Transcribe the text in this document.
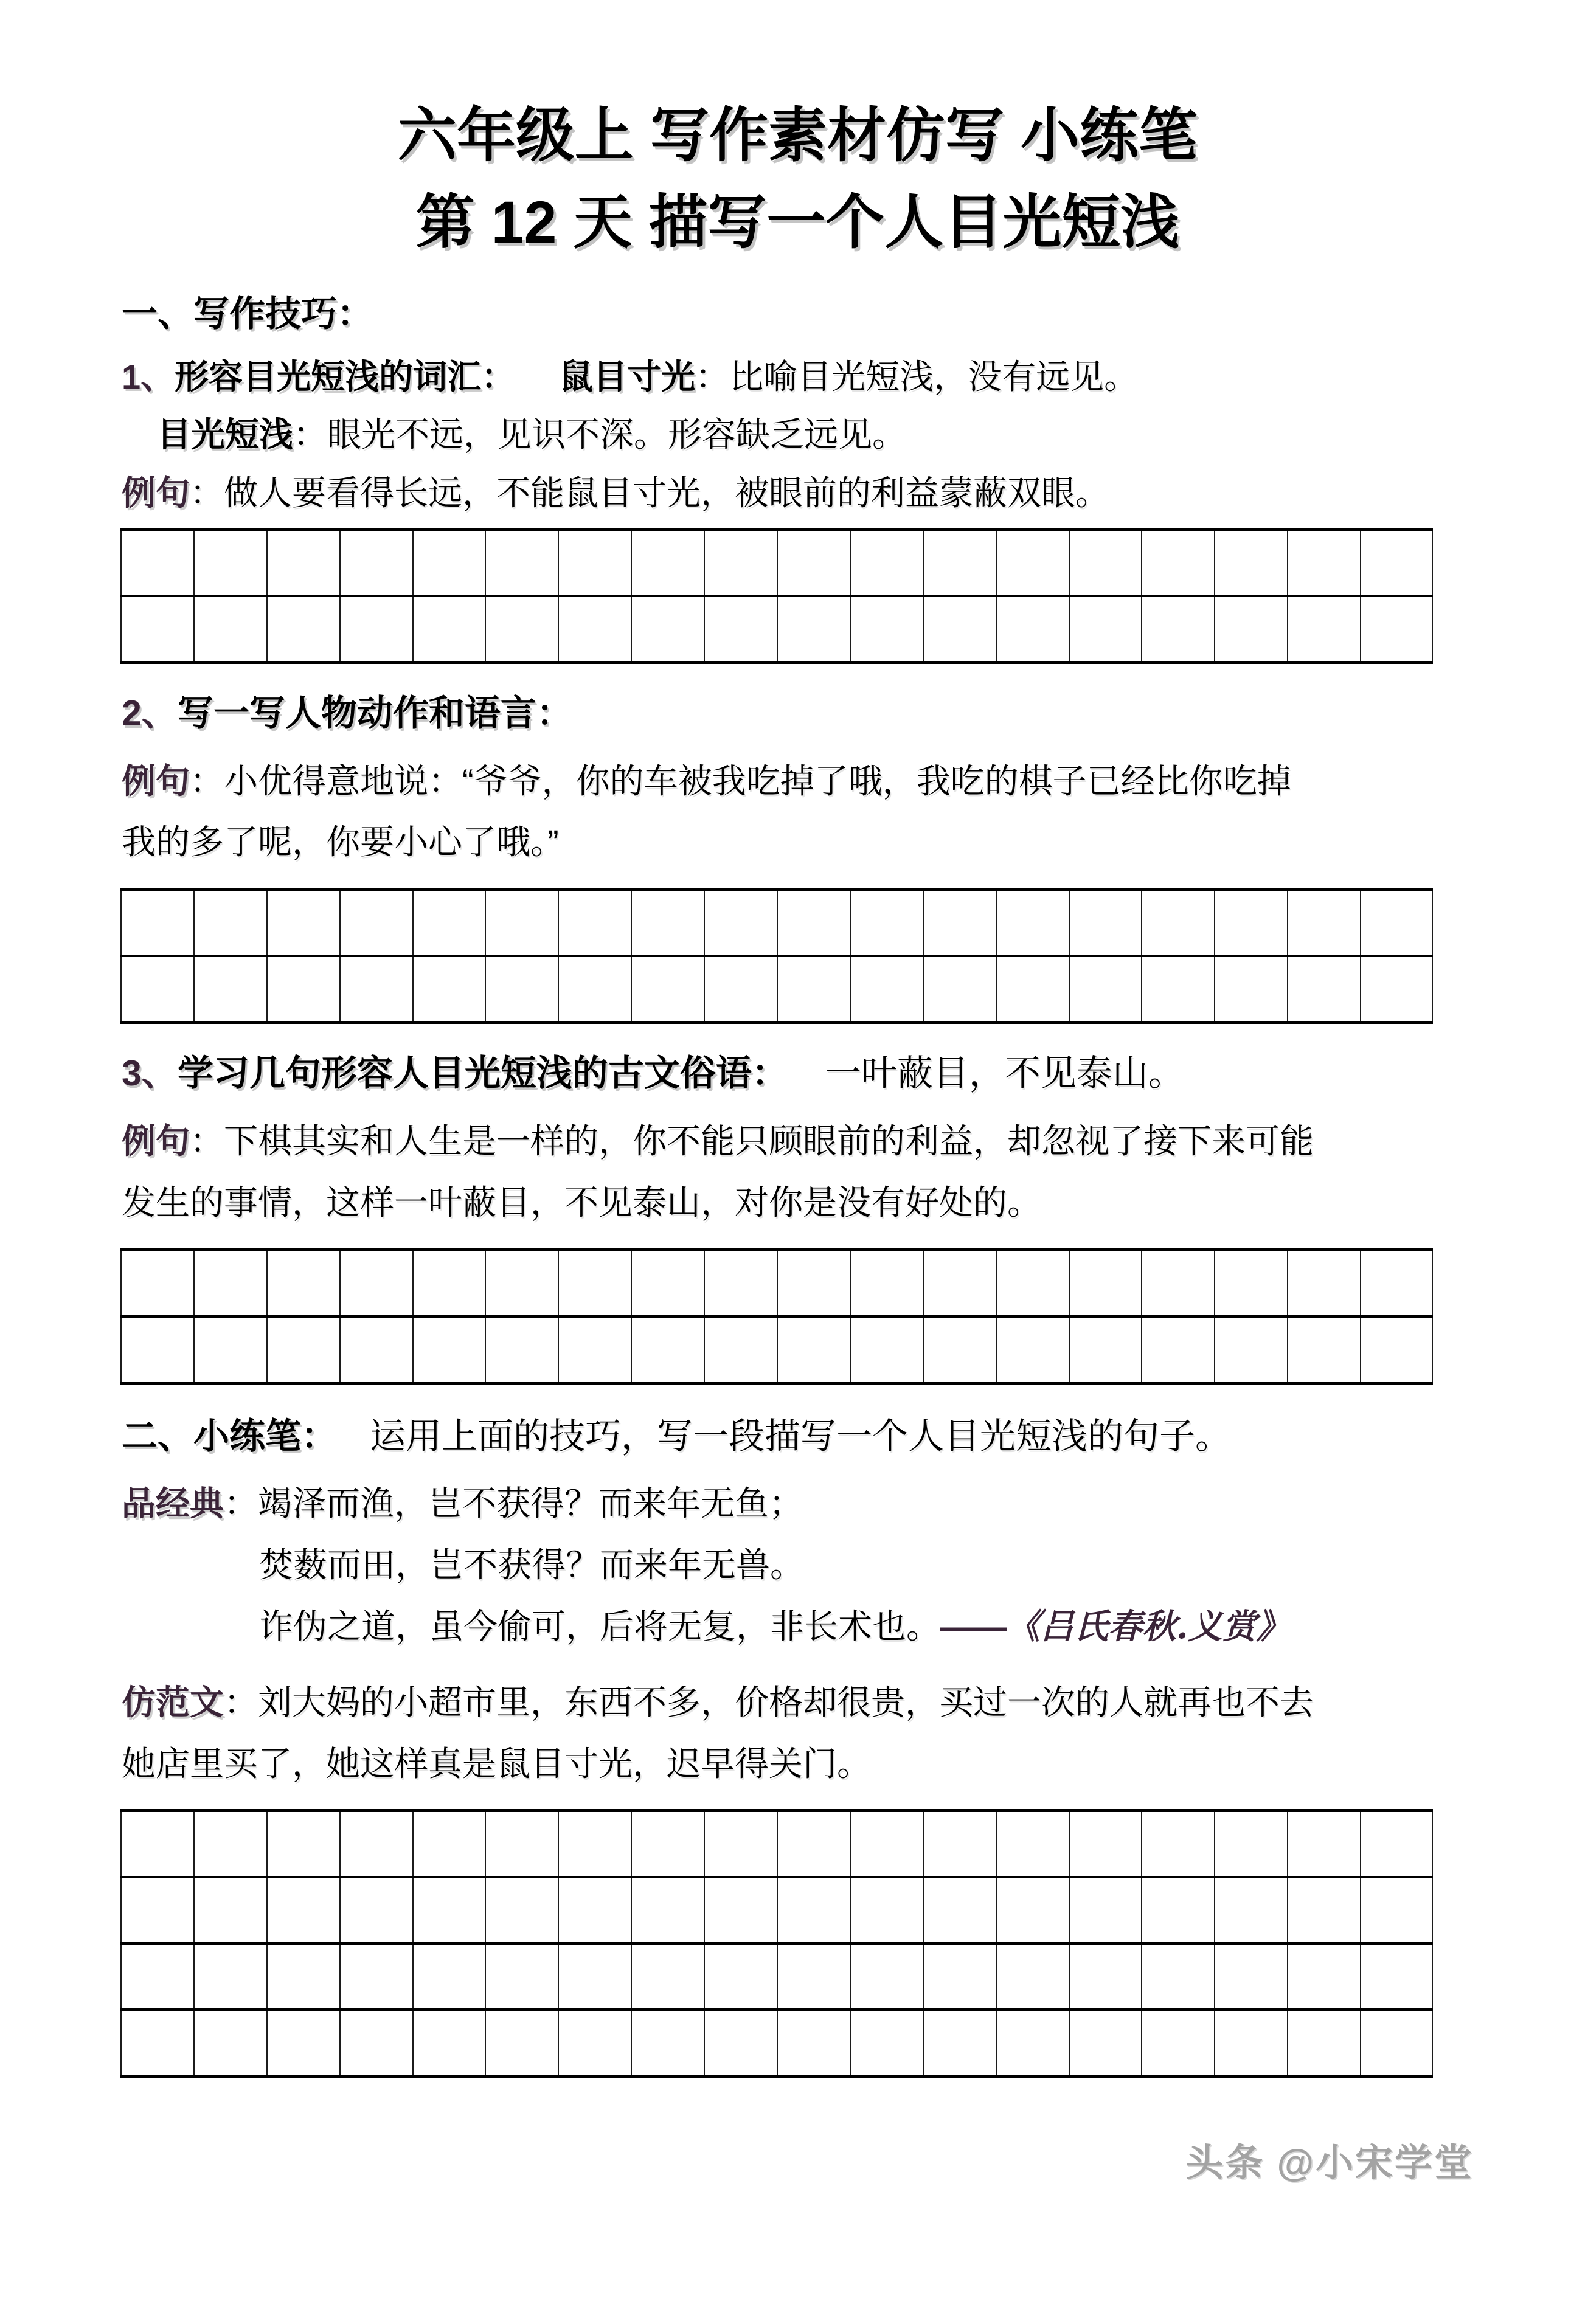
六年级上 写作素材仿写 小练笔
第 12 天 描写一个人目光短浅
一、写作技巧：
1、形容目光短浅的词汇： 鼠目寸光：比喻目光短浅，没有远见。
目光短浅：眼光不远，见识不深。形容缺乏远见。
例句：做人要看得长远，不能鼠目寸光，被眼前的利益蒙蔽双眼。
2、写一写人物动作和语言：
例句：小优得意地说：“爷爷，你的车被我吃掉了哦，我吃的棋子已经比你吃掉
我的多了呢，你要小心了哦。”
3、学习几句形容人目光短浅的古文俗语： 一叶蔽目，不见泰山。
例句：下棋其实和人生是一样的，你不能只顾眼前的利益，却忽视了接下来可能
发生的事情，这样一叶蔽目，不见泰山，对你是没有好处的。
二、小练笔： 运用上面的技巧，写一段描写一个人目光短浅的句子。
品经典：竭泽而渔，岂不获得？而来年无鱼；
焚薮而田，岂不获得？而来年无兽。
诈伪之道，虽今偷可，后将无复，非长术也。——《吕氏春秋.义赏》
仿范文：刘大妈的小超市里，东西不多，价格却很贵，买过一次的人就再也不去
她店里买了，她这样真是鼠目寸光，迟早得关门。
头条 @小宋学堂
